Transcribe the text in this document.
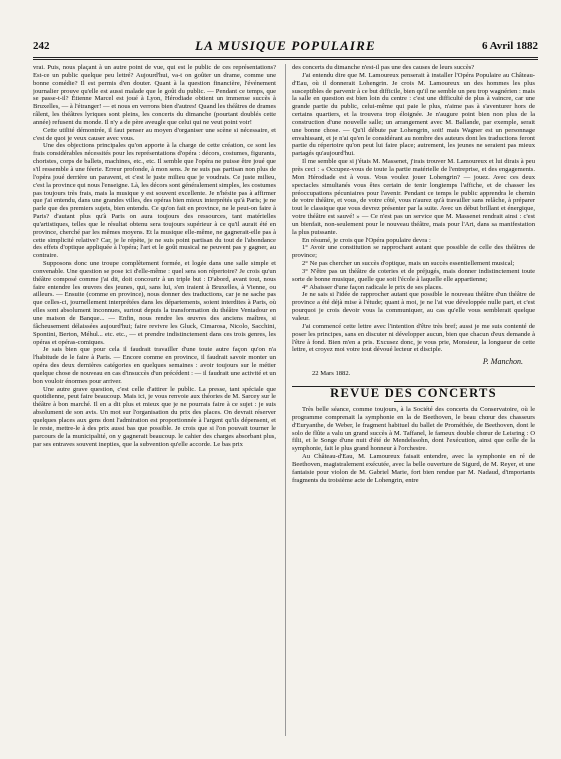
242	LA MUSIQUE POPULAIRE	6 Avril 1882

vrai. Puis, nous plaçant à un autre point de vue, qui est le public de ces représentations? Est-ce un public quelque peu lettré? Aujourd'hui, va-t on goûter un drame, comme une bonne comédie? Il est permis d'en douter. Quant à la question financière, l'événement journalier prouve qu'elle est aussi malade que le goût du public. — Pendant ce temps, que se passe-t-il? Étienne Marcel est joué à Lyon, Hérodiade obtient un immense succès à Bruxelles, — à l'étranger! — et nous en verrons bien d'autres! Quand les théâtres de drames râlent, les théâtres lyriques sont pleins, les concerts du dimanche (pourtant doublés cette année) refusent du monde. Il n'y a de père aveugle que celui qui ne veut point voir!

Cette utilité démontrée, il faut penser au moyen d'organiser une scène si nécessaire, et c'est de quoi je veux causer avec vous.

Une des objections principales qu'on apporte à la charge de cette création, ce sont les frais considérables nécessités pour les représentations d'opéra : décors, costumes, figurants, choristes, corps de ballets, machines, etc., etc. Il semble que l'opéra ne puisse être joué que s'il ressemble à une féerie. Erreur profonde, à mon sens. Je ne suis pas partisan non plus de l'opéra joué derrière un paravent, et c'est le juste milieu que je voudrais. Ce juste milieu, c'est la province qui nous l'enseigne. Là, les décors sont généralement simples, les costumes pas toujours très frais, mais la musique y est souvent excellente. Je n'hésite pas à affirmer que j'ai entendu, dans une grandes villes, des opéras bien mieux interprétés qu'à Paris; je ne parle que des premiers sujets, bien entendu. Ce qu'on fait en province, ne le peut-on faire à Paris? d'autant plus qu'à Paris on aura toujours des ressources, tant matérielles qu'artistiques, telles que le résultat obtenu sera toujours supérieur à ce qu'il aurait été en province, cherché par les mêmes moyens. Et la musique elle-même, ne gagnerait-elle pas à cette simplicité relative? Car, je le répète, je ne suis point partisan du tout de l'abondance des effets d'optique appliquée à l'opéra; l'art et le goût musical ne peuvent pas y gagner, au contraire.

Supposons donc une troupe complètement formée, et logée dans une salle simple et convenable. Une question se pose ici d'elle-même : quel sera son répertoire? Je crois qu'un théâtre composé comme j'ai dit, doit concourir à un triple but : D'abord, avant tout, nous faire entendre les œuvres des jeunes, qui, sans lui, s'en iraient à Bruxelles, à Vienne, ou ailleurs. — Ensuite (comme en province), nous donner des traductions, car je ne sache pas que celles-ci, journellement interprétées dans les départements, soient interdites à Paris, où elles sont absolument inconnues, surtout depuis la transformation du théâtre Ventadour en une maison de Banque... — Enfin, nous rendre les œuvres des anciens maîtres, si fâcheusement délaissées aujourd'hui; faire revivre les Gluck, Cimarosa, Nicolo, Sacchini, Spontini, Berton, Méhul... etc. etc., — et prendre indistinctement dans ces trois genres, les opéras et opéras-comiques.

Je sais bien que pour cela il faudrait travailler d'une toute autre façon qu'on n'a l'habitude de le faire à Paris. — Encore comme en province, il faudrait savoir monter un opéra des deux dernières catégories en quelques semaines : avoir toujours sur le métier quelque chose de nouveau en cas d'insuccès d'un précédent : — il faudrait une activité et un bon vouloir énormes pour arriver.

Une autre grave question, c'est celle d'attirer le public. La presse, tant spéciale que quotidienne, peut faire beaucoup. Mais ici, je vous renvoie aux théories de M. Sarcey sur le théâtre à bon marché. Il en a dit plus et mieux que je ne pourrais faire à ce sujet : je suis absolument de son avis. Un mot sur l'organisation du prix des places. On devrait réserver quelques places aux gens dont l'admiration est proportionnée à l'argent qu'ils dépensent, et le reste, mettre-le à des prix aussi bas que possible. Je crois que si l'on pouvait tourner le parcours de la municipalité, on y gagnerait beaucoup. le cahier des charges absorbant plus, par ses entraves souvent inepties, que la subvention qu'elle accorde. Le bas prix

des concerts du dimanche n'est-il pas une des causes de leurs succès?

J'ai entendu dire que M. Lamoureux penserait à installer l'Opéra Populaire au Château-d'Eau, où il donnerait Lohengrin. Je crois M. Lamoureux un des hommes les plus susceptibles de parvenir à ce but difficile, bien qu'il ne semble un peu trop wagnérien : mais la salle en question est bien loin du centre : c'est une difficulté de plus à vaincre, car une grande partie du public, celui-même qui paie le plus, n'aime pas à s'aventurer hors de certains quartiers, et la trouvera trop éloignée. Je n'augure point bien non plus de la construction d'une nouvelle salle; un arrangement avec M. Ballande, par exemple, serait une bonne chose. — Qu'il débute par Lohengrin, soit! mais Wagner est un personnage envahissant, et je n'ai qu'en le considérant au nombre des auteurs dont les traductions feront partie du répertoire qu'on peut lui faire place; autrement, les jeunes ne seraient pas mieux partagés qu'aujourd'hui.

Il me semble que si j'étais M. Massenet, j'irais trouver M. Lamoureux et lui dirais à peu près ceci : « Occupez-vous de toute la partie matérielle de l'entreprise, et des engagements. Mon Hérodiade est à vous. Vous voulez jouer Lohengrin? — jouez. Avec ces deux spectacles simultanés vous êtes certain de tenir longtemps l'affiche, et de chasser les préoccupations pécuniaires pour l'avenir. Pendant ce temps le public apprendra le chemin de votre théâtre, et vous, de votre côté, vous n'aurez qu'à travailler sans relâche, à préparer tout le classique que vous devrez présenter par la suite. Avec un début brillant et énergique, votre théâtre est sauvé! » — Ce n'est pas un service que M. Massenet rendrait ainsi : c'est un bienfait, non-seulement pour le nouveau théâtre, mais pour l'Art, dans sa manifestation la plus puissante.

En résumé, je crois que l'Opéra populaire devra :

1° Avoir une constitution se rapprochant autant que possible de celle des théâtres de province;

2° Ne pas chercher un succès d'optique, mais un succès essentiellement musical;

3° N'être pas un théâtre de coteries et de préjugés, mais donner indistinctement toute sorte de bonne musique, quelle que soit l'école à laquelle elle appartienne;

4° Abaisser d'une façon radicale le prix de ses places.

Je ne sais si l'idée de rapprocher autant que possible le nouveau théâtre d'un théâtre de province a été déjà mise à l'étude; quant à moi, je ne l'ai vue développée nulle part, et c'est pourquoi je crois devoir vous la communiquer, au cas qu'elle vous semblerait quelque valeur.

J'ai commencé cette lettre avec l'intention d'être très bref; aussi je me suis contenté de poser les principes, sans en discuter ni développer aucun, bien que chacun d'eux demande à l'être à fond. Bien m'en a pris. Excusez donc, je vous prie, Monsieur, la longueur de cette lettre, et croyez moi votre tout dévoué lecteur et disciple.

P. Manchon.
22 Mars 1882.
REVUE DES CONCERTS

Très belle séance, comme toujours, à la Société des concerts du Conservatoire, où le programme comprenait la symphonie en la de Beethoven, le beau chœur des chasseurs d'Euryanthe, de Weber, le fragment habituel du ballet de Prométhée, de Beethoven, dont le solo de flûte a valu un grand succès à M. Taffanel, le fameux double chœur de Leisring : O filii, et le Songe d'une nuit d'été de Mendelssohn, dont l'exécution, ainsi que celle de la symphonie, fait le plus grand honneur à l'orchestre.

Au Château-d'Eau, M. Lamoureux faisait entendre, avec la symphonie en ré de Beethoven, magistralement exécutée, avec la belle ouverture de Sigurd, de M. Reyer, et une fantaisie pour violon de M. Gabriel Marie, fort bien rendue par M. Nadaud, d'importants fragments du troisième acte de Lohengrin, entre
